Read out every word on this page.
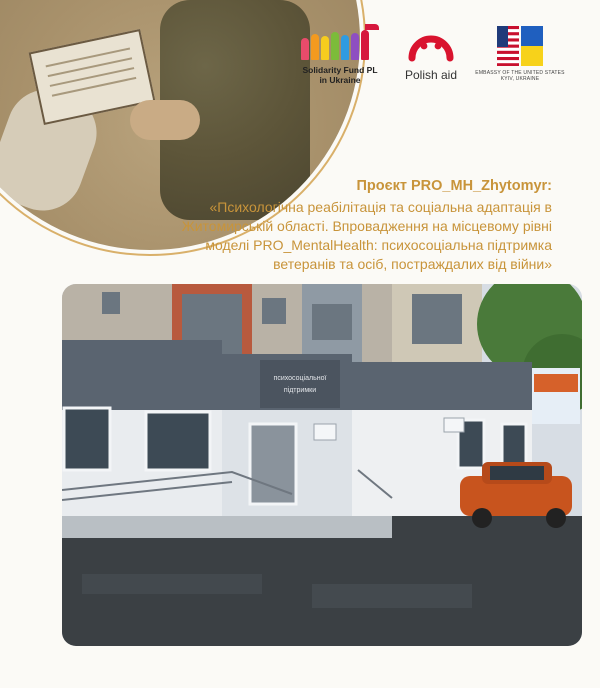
Solidarity Fund PL
in Ukraine	Polish aid	EMBASSY OF THE UNITED STATES
KYIV, UKRAINE
Проєкт PRO_MH_Zhytomyr:
«Психологічна реабілітація та соціальна адаптація в
Житомирській області. Впровадження на місцевому рівні
моделі PRO_MentalHealth: психосоціальна підтримка
ветеранів та осіб, постраждалих від війни»
психосоціальної
підтримки
